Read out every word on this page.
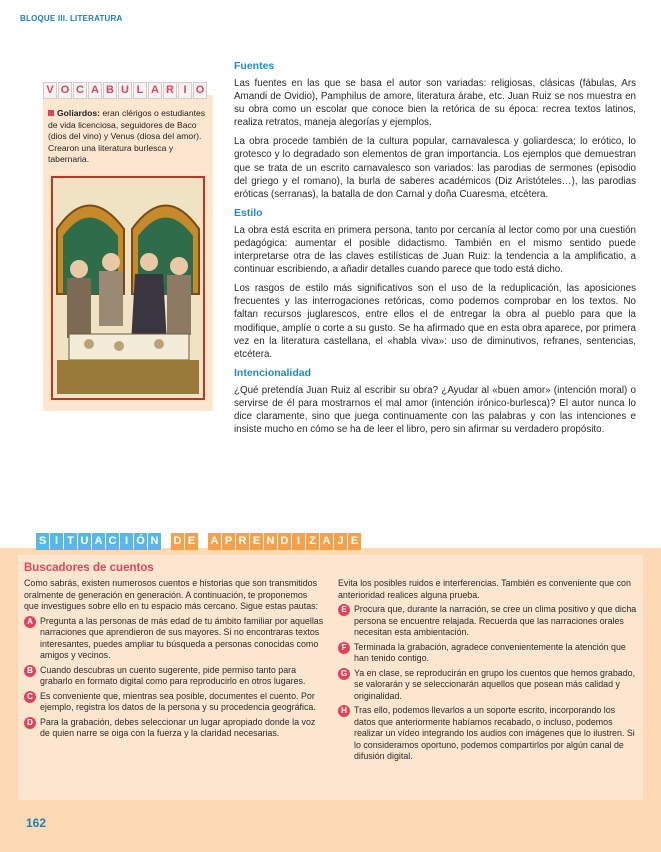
BLOQUE III. LITERATURA
V O C A B U L A R I O
Goliardos: eran clérigos o estudiantes de vida licenciosa, seguidores de Baco (dios del vino) y Venus (diosa del amor). Crearon una literatura burlesca y tabernaria.
Fuentes

Las fuentes en las que se basa el autor son variadas: religiosas, clásicas (fábulas, Ars Amandi de Ovidio), Pamphilus de amore, literatura árabe, etc. Juan Ruiz se nos muestra en su obra como un escolar que conoce bien la retórica de su época: recrea textos latinos, realiza retratos, maneja alegorías y ejemplos.

La obra procede también de la cultura popular, carnavalesca y goliardesca; lo erótico, lo grotesco y lo degradado son elementos de gran importancia. Los ejemplos que demuestran que se trata de un escrito carnavalesco son variados: las parodias de sermones (episodio del griego y el romano), la burla de saberes académicos (Diz Aristóteles…), las parodias eróticas (serranas), la batalla de don Carnal y doña Cuaresma, etcétera.

Estilo

La obra está escrita en primera persona, tanto por cercanía al lector como por una cuestión pedagógica: aumentar el posible didactismo. También en el mismo sentido puede interpretarse otra de las claves estilísticas de Juan Ruiz: la tendencia a la amplificatio, a continuar escribiendo, a añadir detalles cuando parece que todo está dicho.

Los rasgos de estilo más significativos son el uso de la reduplicación, las aposiciones frecuentes y las interrogaciones retóricas, como podemos comprobar en los textos. No faltan recursos juglarescos, entre ellos el de entregar la obra al pueblo para que la modifique, amplíe o corte a su gusto. Se ha afirmado que en esta obra aparece, por primera vez en la literatura castellana, el «habla viva»: uso de diminutivos, refranes, sentencias, etcétera.

Intencionalidad

¿Qué pretendía Juan Ruiz al escribir su obra? ¿Ayudar al «buen amor» (intención moral) o servirse de él para mostrarnos el mal amor (intención irónico-burlesca)? El autor nunca lo dice claramente, sino que juega continuamente con las palabras y con las intenciones e insiste mucho en cómo se ha de leer el libro, pero sin afirmar su verdadero propósito.

S I T U A C I Ó N D E A P R E N D I Z A J E
Buscadores de cuentos
Como sabrás, existen numerosos cuentos e historias que son transmitidos oralmente de generación en generación. A continuación, te proponemos que investigues sobre ello en tu espacio más cercano. Sigue estas pautas:
A Pregunta a las personas de más edad de tu ámbito familiar por aquellas narraciones que aprendieron de sus mayores. Si no encontraras textos interesantes, puedes ampliar tu búsqueda a personas conocidas como amigos y vecinos.
B Cuando descubras un cuento sugerente, pide permiso tanto para grabarlo en formato digital como para reproducirlo en otros lugares.
C Es conveniente que, mientras sea posible, documentes el cuento. Por ejemplo, registra los datos de la persona y su procedencia geográfica.
D Para la grabación, debes seleccionar un lugar apropiado donde la voz de quien narre se oiga con la fuerza y la claridad necesarias.
Evita los posibles ruidos e interferencias. También es conveniente que con anterioridad realices alguna prueba.
E Procura que, durante la narración, se cree un clima positivo y que dicha persona se encuentre relajada. Recuerda que las narraciones orales necesitan esta ambientación.
F Terminada la grabación, agradece convenientemente la atención que han tenido contigo.
G Ya en clase, se reproducirán en grupo los cuentos que hemos grabado, se valorarán y se seleccionarán aquellos que posean más calidad y originalidad.
H Tras ello, podemos llevarlos a un soporte escrito, incorporando los datos que anteriormente habíamos recabado, o incluso, podemos realizar un vídeo integrando los audios con imágenes que lo ilustren. Si lo consideramos oportuno, podemos compartirlos por algún canal de difusión digital.
162
